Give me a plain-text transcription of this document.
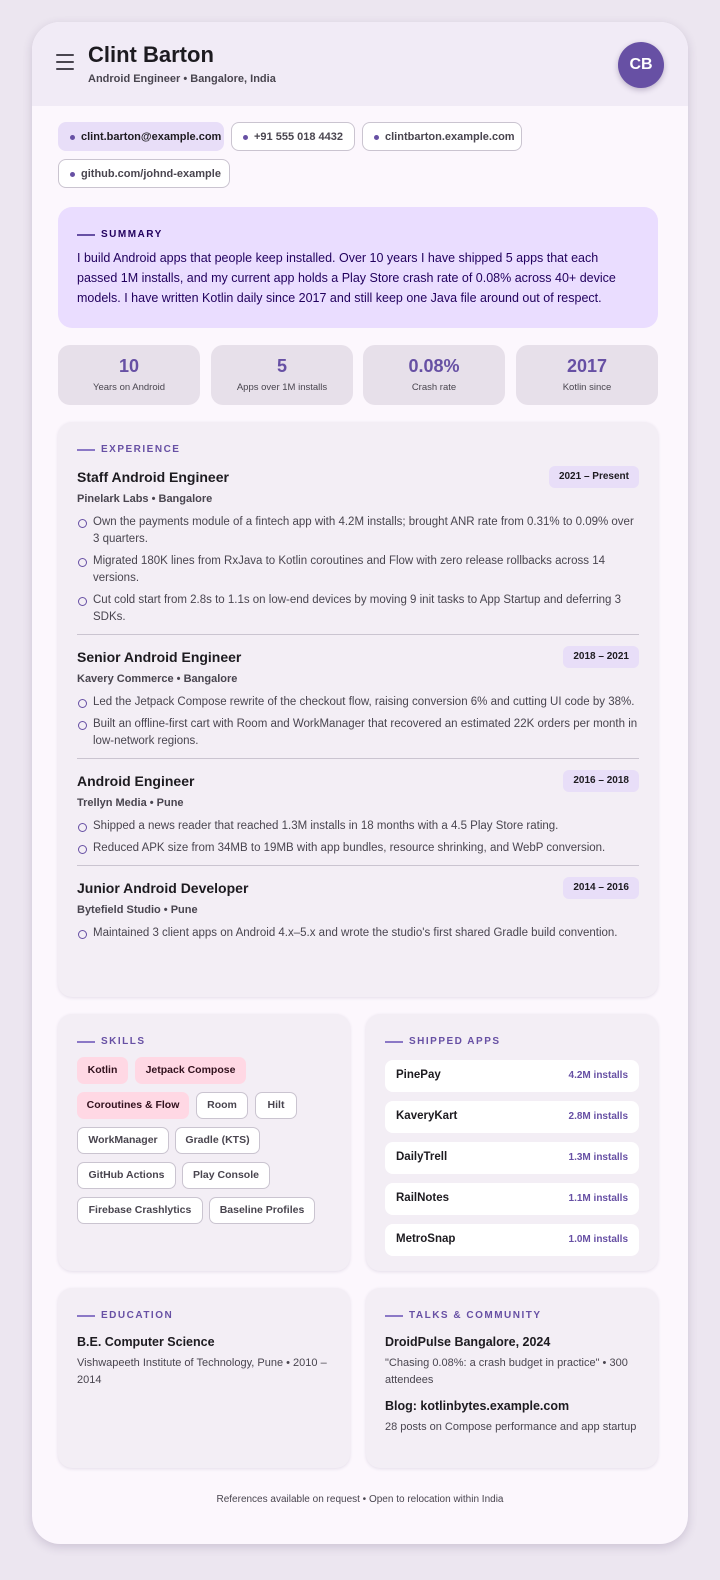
Clint Barton
Android Engineer • Bangalore, India
CB
clint.barton@example.com	+91 555 018 4432	clintbarton.example.com
github.com/johnd-example
SUMMARY

I build Android apps that people keep installed. Over 10 years I have shipped 5 apps that each passed 1M installs, and my current app holds a Play Store crash rate of 0.08% across 40+ device models. I have written Kotlin daily since 2017 and still keep one Java file around out of respect.

10
Years on Android
5
Apps over 1M installs
0.08%
Crash rate
2017
Kotlin since
EXPERIENCE
Staff Android Engineer	2021 – Present
Pinelark Labs • Bangalore
Own the payments module of a fintech app with 4.2M installs; brought ANR rate from 0.31% to 0.09% over 3 quarters.
Migrated 180K lines from RxJava to Kotlin coroutines and Flow with zero release rollbacks across 14 versions.
Cut cold start from 2.8s to 1.1s on low-end devices by moving 9 init tasks to App Startup and deferring 3 SDKs.
Senior Android Engineer	2018 – 2021
Kavery Commerce • Bangalore
Led the Jetpack Compose rewrite of the checkout flow, raising conversion 6% and cutting UI code by 38%.
Built an offline-first cart with Room and WorkManager that recovered an estimated 22K orders per month in low-network regions.
Android Engineer	2016 – 2018
Trellyn Media • Pune
Shipped a news reader that reached 1.3M installs in 18 months with a 4.5 Play Store rating.
Reduced APK size from 34MB to 19MB with app bundles, resource shrinking, and WebP conversion.
Junior Android Developer	2014 – 2016
Bytefield Studio • Pune
Maintained 3 client apps on Android 4.x–5.x and wrote the studio's first shared Gradle build convention.
SKILLS
Kotlin	Jetpack Compose
Coroutines & Flow	Room	Hilt
WorkManager	Gradle (KTS)
GitHub Actions	Play Console
Firebase Crashlytics	Baseline Profiles
SHIPPED APPS
PinePay	4.2M installs
KaveryKart	2.8M installs
DailyTrell	1.3M installs
RailNotes	1.1M installs
MetroSnap	1.0M installs
EDUCATION
B.E. Computer Science
Vishwapeeth Institute of Technology, Pune • 2010 – 2014
TALKS & COMMUNITY
DroidPulse Bangalore, 2024
"Chasing 0.08%: a crash budget in practice" • 300 attendees
Blog: kotlinbytes.example.com
28 posts on Compose performance and app startup
References available on request • Open to relocation within India
